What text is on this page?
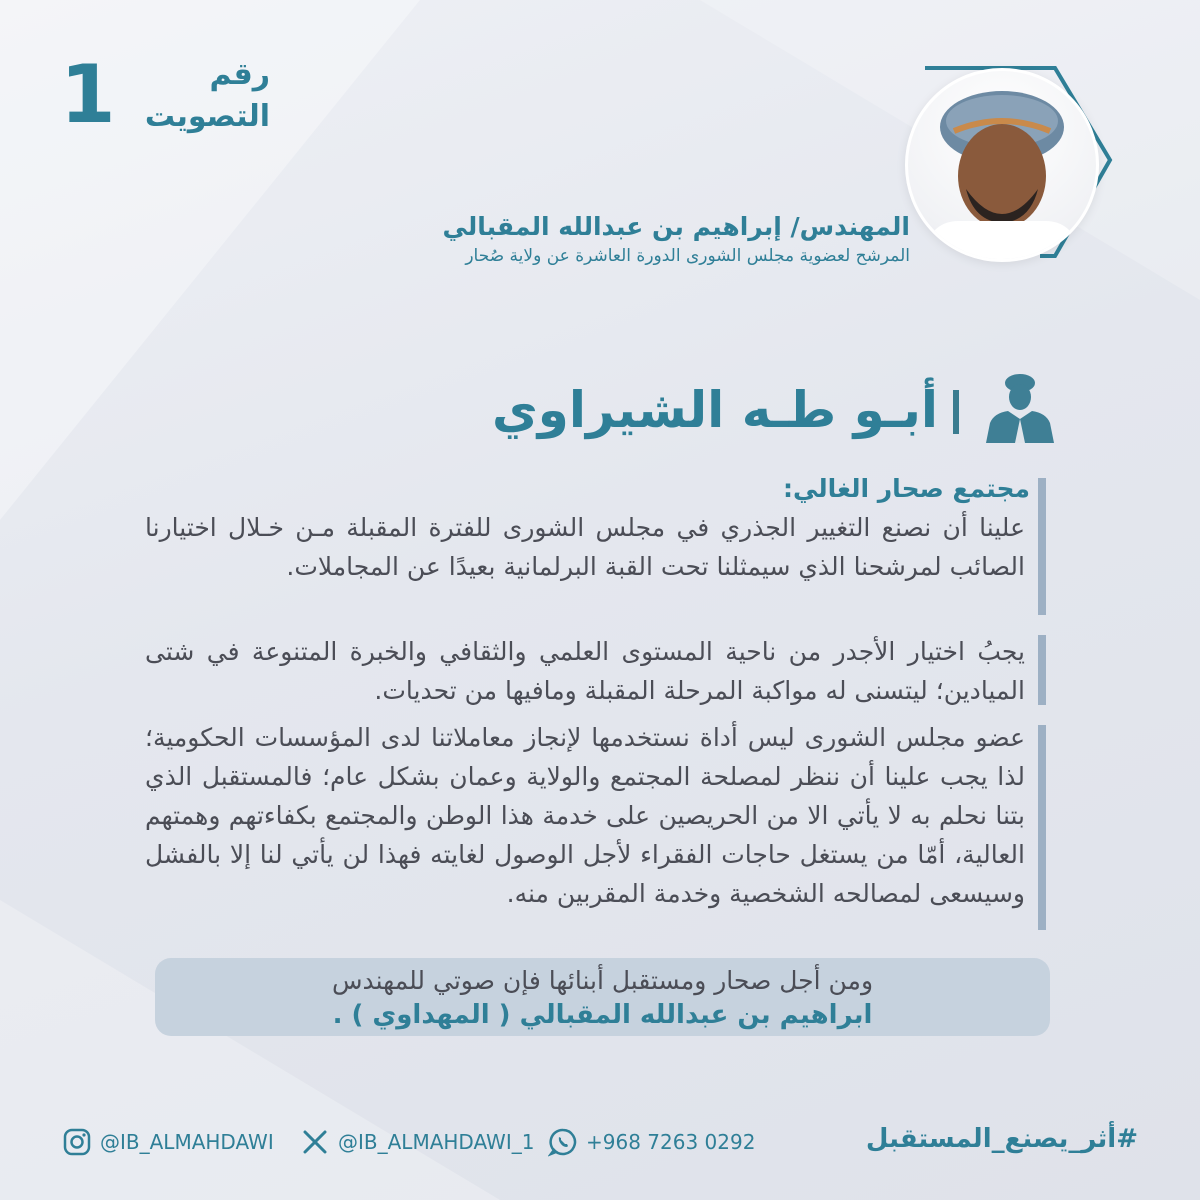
1	رقم
التصويت
المهندس/ إبراهيم بن عبدالله المقبالي
المرشح لعضوية مجلس الشورى الدورة العاشرة عن ولاية صُحار
أبـو طـه الشيراوي
مجتمع صحار الغالي:
علينا أن نصنع التغيير الجذري في مجلس الشورى للفترة المقبلة مـن خـلال اختيارنا الصائب لمرشحنا الذي سيمثلنا تحت القبة البرلمانية بعيدًا عن المجاملات.
يجبُ اختيار الأجدر من ناحية المستوى العلمي والثقافي والخبرة المتنوعة في شتى الميادين؛ ليتسنى له مواكبة المرحلة المقبلة ومافيها من تحديات.
عضو مجلس الشورى ليس أداة نستخدمها لإنجاز معاملاتنا لدى المؤسسات الحكومية؛ لذا يجب علينا أن ننظر لمصلحة المجتمع والولاية وعمان بشكل عام؛ فالمستقبل الذي بتنا نحلم به لا يأتي الا من الحريصين على خدمة هذا الوطن والمجتمع بكفاءتهم وهمتهم العالية، أمّا من يستغل حاجات الفقراء لأجل الوصول لغايته فهذا لن يأتي لنا إلا بالفشل وسيسعى لمصالحه الشخصية وخدمة المقربين منه.
ومن أجل صحار ومستقبل أبنائها فإن صوتي للمهندس
ابراهيم بن عبدالله المقبالي ( المهداوي ) .
@IB_ALMAHDAWI	@IB_ALMAHDAWI_1	+968 7263 0292	#أثر_يصنع_المستقبل
